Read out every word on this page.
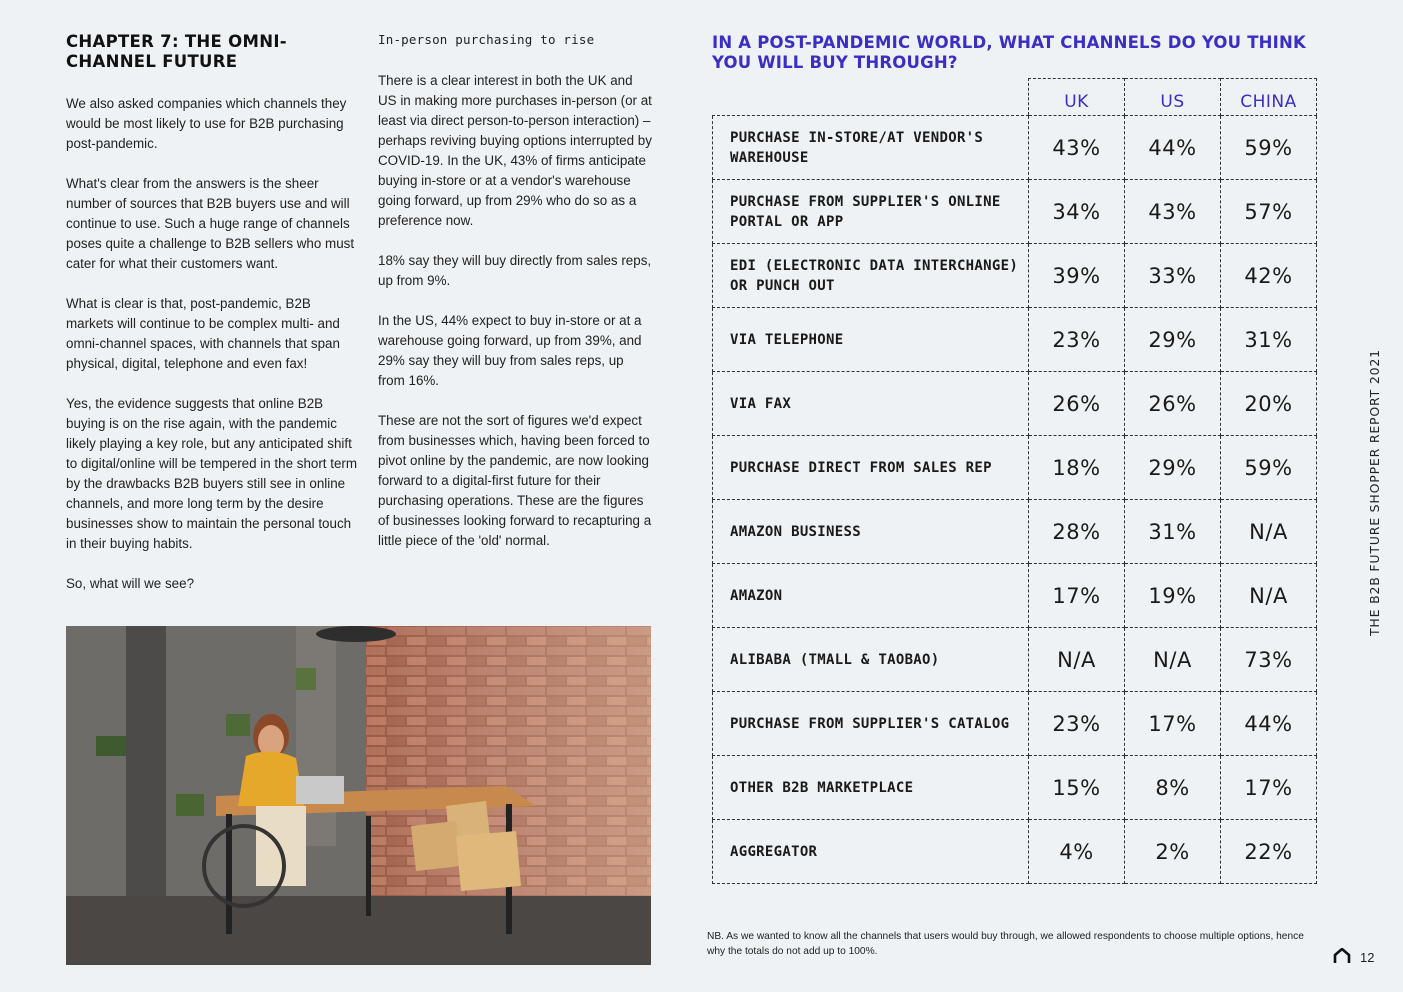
CHAPTER 7: THE OMNI-CHANNEL FUTURE

We also asked companies which channels they would be most likely to use for B2B purchasing post-pandemic.

What's clear from the answers is the sheer number of sources that B2B buyers use and will continue to use. Such a huge range of channels poses quite a challenge to B2B sellers who must cater for what their customers want.

What is clear is that, post-pandemic, B2B markets will continue to be complex multi- and omni-channel spaces, with channels that span physical, digital, telephone and even fax!

Yes, the evidence suggests that online B2B buying is on the rise again, with the pandemic likely playing a key role, but any anticipated shift to digital/online will be tempered in the short term by the drawbacks B2B buyers still see in online channels, and more long term by the desire businesses show to maintain the personal touch in their buying habits.

So, what will we see?

In-person purchasing to rise

There is a clear interest in both the UK and US in making more purchases in-person (or at least via direct person-to-person interaction) – perhaps reviving buying options interrupted by COVID-19. In the UK, 43% of firms anticipate buying in-store or at a vendor's warehouse going forward, up from 29% who do so as a preference now.

18% say they will buy directly from sales reps, up from 9%.

In the US, 44% expect to buy in-store or at a warehouse going forward, up from 39%, and 29% say they will buy from sales reps, up from 16%.

These are not the sort of figures we'd expect from businesses which, having been forced to pivot online by the pandemic, are now looking forward to a digital-first future for their purchasing operations. These are the figures of businesses looking forward to recapturing a little piece of the 'old' normal.

IN A POST-PANDEMIC WORLD, WHAT CHANNELS DO YOU THINK YOU WILL BUY THROUGH?
	UK	US	CHINA
PURCHASE IN-STORE/AT VENDOR'S WAREHOUSE	43%	44%	59%
PURCHASE FROM SUPPLIER'S ONLINE PORTAL OR APP	34%	43%	57%
EDI (ELECTRONIC DATA INTERCHANGE) OR PUNCH OUT	39%	33%	42%
VIA TELEPHONE	23%	29%	31%
VIA FAX	26%	26%	20%
PURCHASE DIRECT FROM SALES REP	18%	29%	59%
AMAZON BUSINESS	28%	31%	N/A
AMAZON	17%	19%	N/A
ALIBABA (TMALL & TAOBAO)	N/A	N/A	73%
PURCHASE FROM SUPPLIER'S CATALOG	23%	17%	44%
OTHER B2B MARKETPLACE	15%	8%	17%
AGGREGATOR	4%	2%	22%
THE B2B FUTURE SHOPPER REPORT 2021

NB. As we wanted to know all the channels that users would buy through, we allowed respondents to choose multiple options, hence why the totals do not add up to 100%.	12
